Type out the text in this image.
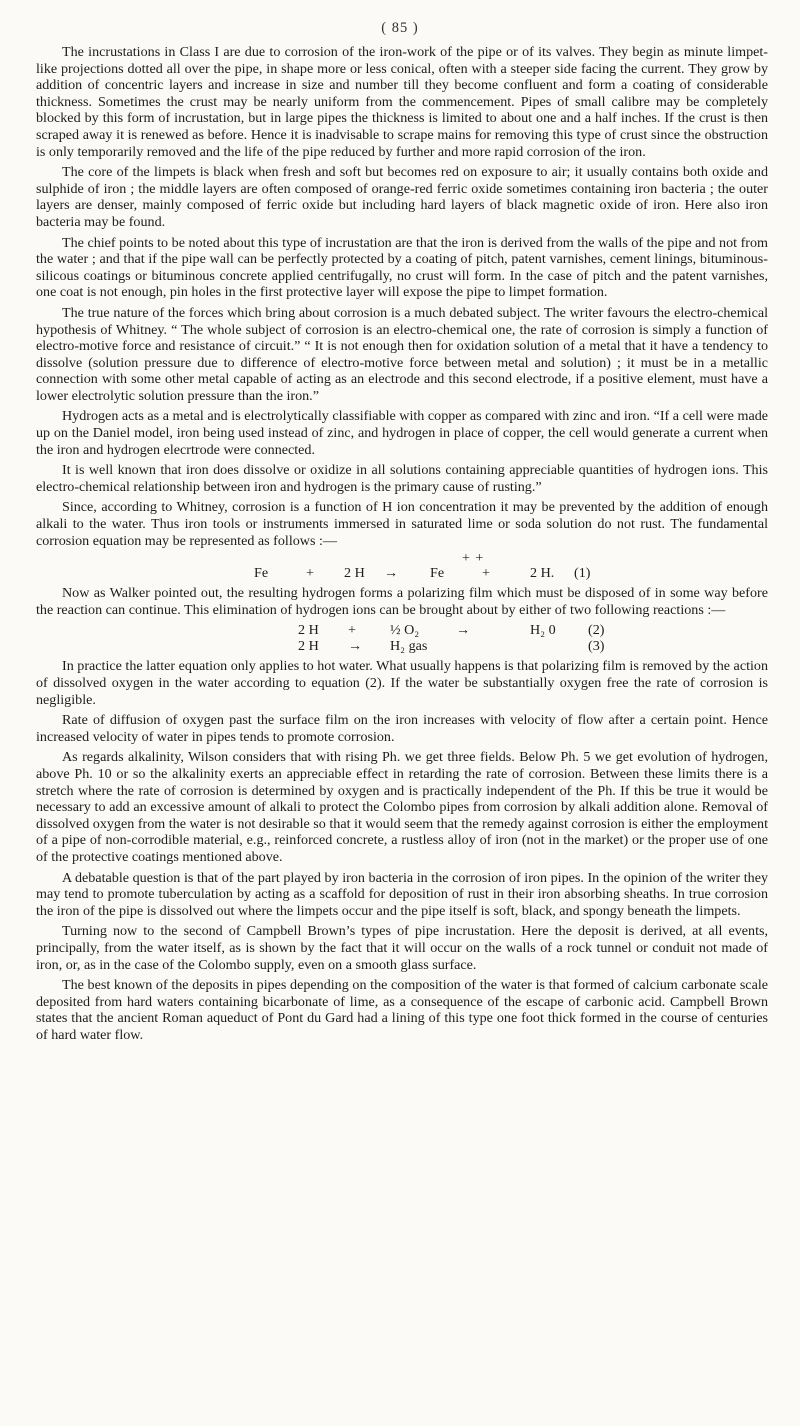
( 85 )

The incrustations in Class I are due to corrosion of the iron-work of the pipe or of its valves. They begin as minute limpet-like projections dotted all over the pipe, in shape more or less conical, often with a steeper side facing the current. They grow by addition of concentric layers and increase in size and number till they become confluent and form a coating of considerable thickness. Sometimes the crust may be nearly uniform from the commencement. Pipes of small calibre may be completely blocked by this form of incrustation, but in large pipes the thickness is limited to about one and a half inches. If the crust is then scraped away it is renewed as before. Hence it is inadvisable to scrape mains for removing this type of crust since the obstruction is only temporarily removed and the life of the pipe reduced by further and more rapid corrosion of the iron.

The core of the limpets is black when fresh and soft but becomes red on exposure to air; it usually contains both oxide and sulphide of iron ; the middle layers are often composed of orange-red ferric oxide sometimes containing iron bacteria ; the outer layers are denser, mainly composed of ferric oxide but including hard layers of black magnetic oxide of iron. Here also iron bacteria may be found.

The chief points to be noted about this type of incrustation are that the iron is derived from the walls of the pipe and not from the water ; and that if the pipe wall can be perfectly protected by a coating of pitch, patent varnishes, cement linings, bituminous-silicous coatings or bituminous concrete applied centrifugally, no crust will form. In the case of pitch and the patent varnishes, one coat is not enough, pin holes in the first protective layer will expose the pipe to limpet formation.

The true nature of the forces which bring about corrosion is a much debated subject. The writer favours the electro-chemical hypothesis of Whitney. “ The whole subject of corrosion is an electro-chemical one, the rate of corrosion is simply a function of electro-motive force and resistance of circuit.” “ It is not enough then for oxidation solution of a metal that it have a tendency to dissolve (solution pressure due to difference of electro-motive force between metal and solution) ; it must be in a metallic connection with some other metal capable of acting as an electrode and this second electrode, if a positive element, must have a lower electrolytic solution pressure than the iron.”

Hydrogen acts as a metal and is electrolytically classifiable with copper as compared with zinc and iron. “If a cell were made up on the Daniel model, iron being used instead of zinc, and hydrogen in place of copper, the cell would generate a current when the iron and hydrogen elecrtrode were connected.

It is well known that iron does dissolve or oxidize in all solutions containing appreciable quantities of hydrogen ions. This electro-chemical relationship between iron and hydrogen is the primary cause of rusting.”

Since, according to Whitney, corrosion is a function of H ion concentration it may be prevented by the addition of enough alkali to the water. Thus iron tools or instruments immersed in saturated lime or soda solution do not rust. The fundamental corrosion equation may be represented as follows :—

+ +
Fe	+	2 H	→	Fe	+	2 H.	(1)

Now as Walker pointed out, the resulting hydrogen forms a polarizing film which must be disposed of in some way before the reaction can continue. This elimination of hydrogen ions can be brought about by either of two following reactions :—

2 H	+	½ O₂	→	H₂ 0	(2)
2 H	→	H₂ gas	(3)

In practice the latter equation only applies to hot water. What usually happens is that polarizing film is removed by the action of dissolved oxygen in the water according to equation (2). If the water be substantially oxygen free the rate of corrosion is negligible.

Rate of diffusion of oxygen past the surface film on the iron increases with velocity of flow after a certain point. Hence increased velocity of water in pipes tends to promote corrosion.

As regards alkalinity, Wilson considers that with rising Ph. we get three fields. Below Ph. 5 we get evolution of hydrogen, above Ph. 10 or so the alkalinity exerts an appreciable effect in retarding the rate of corrosion. Between these limits there is a stretch where the rate of corrosion is determined by oxygen and is practically independent of the Ph. If this be true it would be necessary to add an excessive amount of alkali to protect the Colombo pipes from corrosion by alkali addition alone. Removal of dissolved oxygen from the water is not desirable so that it would seem that the remedy against corrosion is either the employment of a pipe of non-corrodible material, e.g., reinforced concrete, a rustless alloy of iron (not in the market) or the proper use of one of the protective coatings mentioned above.

A debatable question is that of the part played by iron bacteria in the corrosion of iron pipes. In the opinion of the writer they may tend to promote tuberculation by acting as a scaffold for deposition of rust in their iron absorbing sheaths. In true corrosion the iron of the pipe is dissolved out where the limpets occur and the pipe itself is soft, black, and spongy beneath the limpets.

Turning now to the second of Campbell Brown’s types of pipe incrustation. Here the deposit is derived, at all events, principally, from the water itself, as is shown by the fact that it will occur on the walls of a rock tunnel or conduit not made of iron, or, as in the case of the Colombo supply, even on a smooth glass surface.

The best known of the deposits in pipes depending on the composition of the water is that formed of calcium carbonate scale deposited from hard waters containing bicarbonate of lime, as a consequence of the escape of carbonic acid. Campbell Brown states that the ancient Roman aqueduct of Pont du Gard had a lining of this type one foot thick formed in the course of centuries of hard water flow.
